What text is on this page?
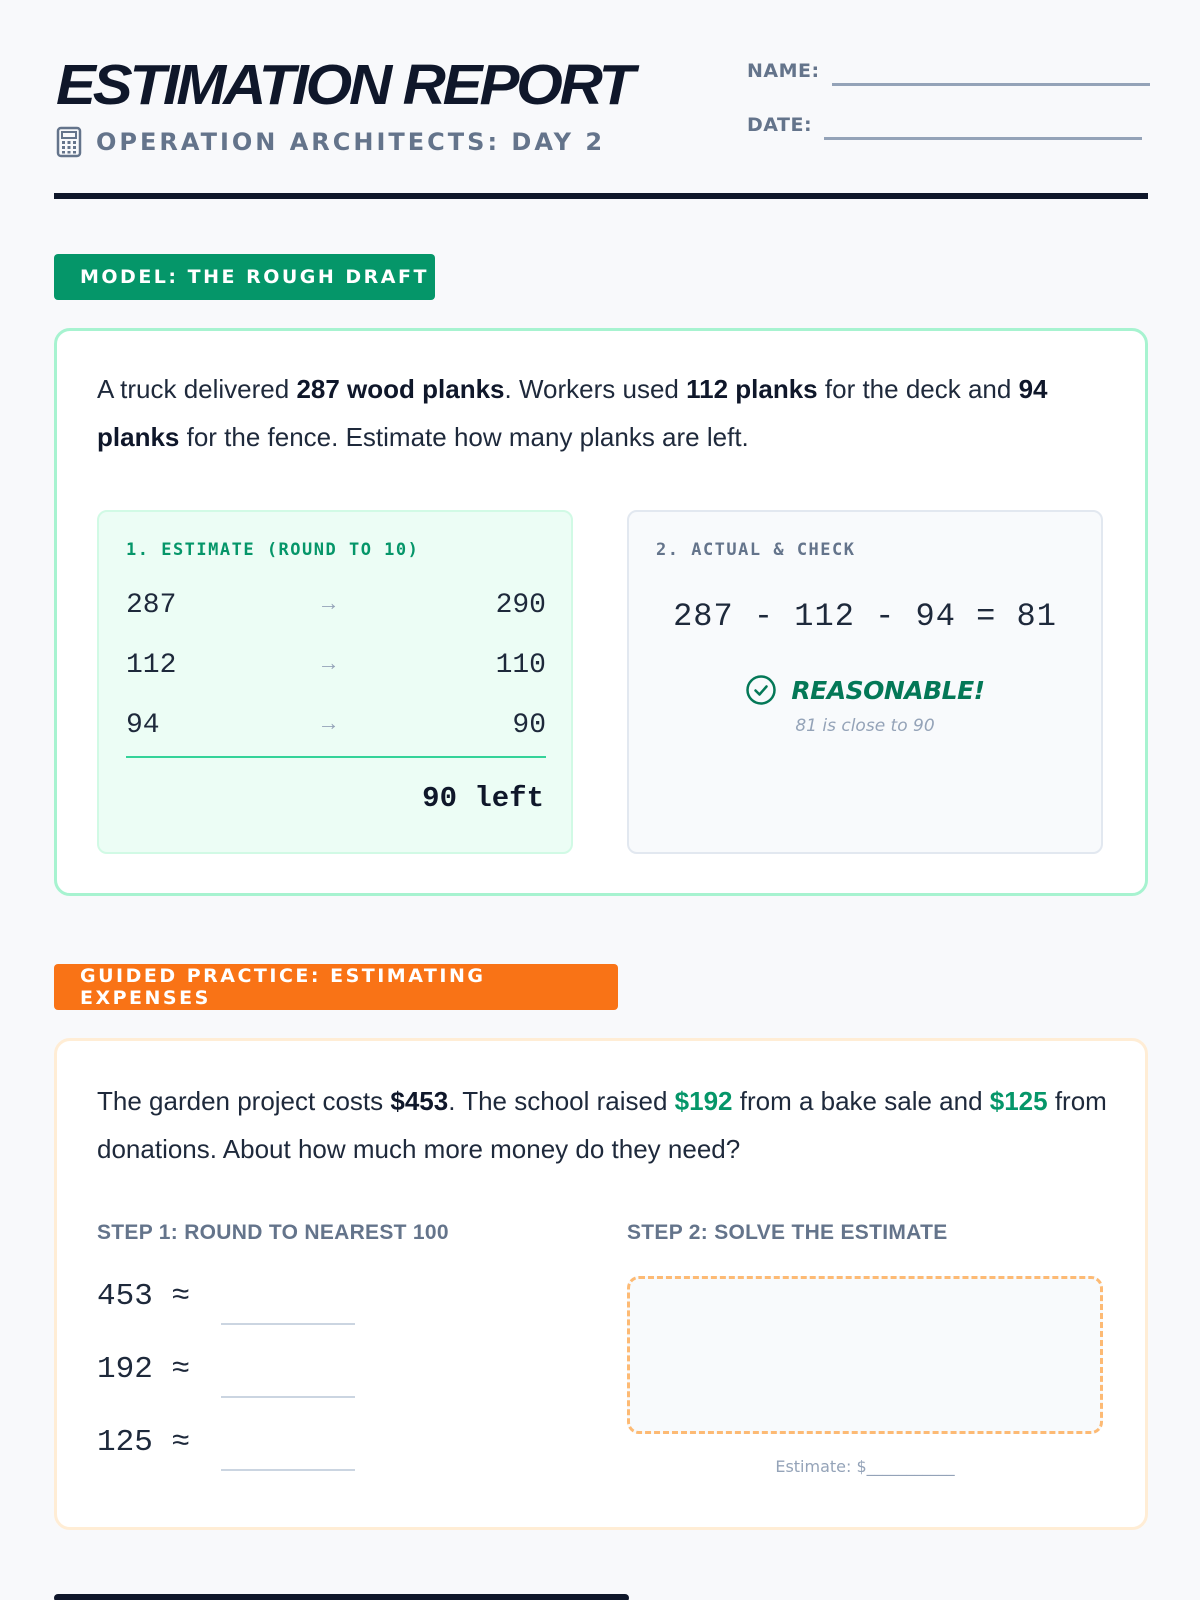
ESTIMATION REPORT
OPERATION ARCHITECTS: DAY 2
NAME:
DATE:
MODEL: THE ROUGH DRAFT

A truck delivered 287 wood planks. Workers used 112 planks for the deck and 94 planks for the fence. Estimate how many planks are left.

1. ESTIMATE (ROUND TO 10)
287	→	290
112	→	110
94	→	90
90 left
2. ACTUAL & CHECK
287 - 112 - 94 = 81
REASONABLE!
81 is close to 90
GUIDED PRACTICE: ESTIMATING EXPENSES

The garden project costs $453. The school raised $192 from a bake sale and $125 from donations. About how much more money do they need?

STEP 1: ROUND TO NEAREST 100	STEP 2: SOLVE THE ESTIMATE
453 ≈
192 ≈
125 ≈
Estimate: $___________
